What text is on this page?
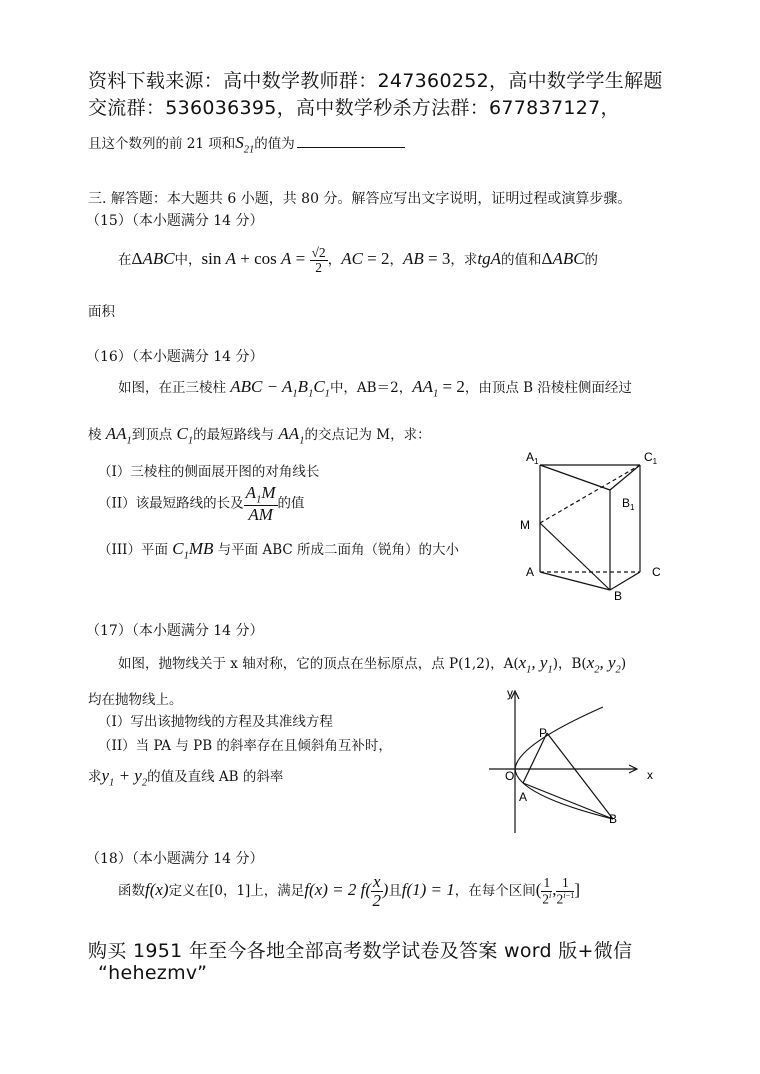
资料下载来源：高中数学教师群：247360252，高中数学学生解题
交流群：536036395，高中数学秒杀方法群：677837127，
且这个数列的前 21 项和$S_{21}$的值为
三. 解答题：本大题共 6 小题，共 80 分。解答应写出文字说明，证明过程或演算步骤。
（15）（本小题满分 14 分）
在ΔABC中，$\sin A + \cos A = \frac{√2}{2}$ ，AC = 2，AB = 3，求tgA的值和ΔABC的
面积
（16）（本小题满分 14 分）
如图，在正三棱柱 ABC − $A_1B_1C_1$中，AB＝2，$AA_1 = 2$，由顶点 B 沿棱柱侧面经过
棱 $AA_1$到顶点 $C_1$的最短路线与 $AA_1$的交点记为 M，求：
（I）三棱柱的侧面展开图的对角线长
（II）该最短路线的长及 $\frac{A_1M}{AM}$ 的值
（III）平面 $C_1MB$ 与平面 ABC 所成二面角（锐角）的大小
$A_1$	$C_1$
$B_1$
M
A	C
B
（17）（本小题满分 14 分）
如图，抛物线关于 x 轴对称，它的顶点在坐标原点，点 P(1,2)，$A(x_1$, $y_1$)，$B(x_2$, $y_2$)
均在抛物线上。
（I）写出该抛物线的方程及其准线方程
（II）当 PA 与 PB 的斜率存在且倾斜角互补时，
求$y_1 + y_2$的值及直线 AB 的斜率
y
x
O
P
A
B
（18）（本小题满分 14 分）
函数f(x)定义在[0，1]上，满足f(x) = 2 $f( \frac{x}{2}$ )且f(1) = 1，在每个区间( $\frac{1}{2^i}$ , $\frac{1}{2^{i-1}}$ ]
购买 1951 年至今各地全部高考数学试卷及答案 word 版+微信
“hehezmv”
